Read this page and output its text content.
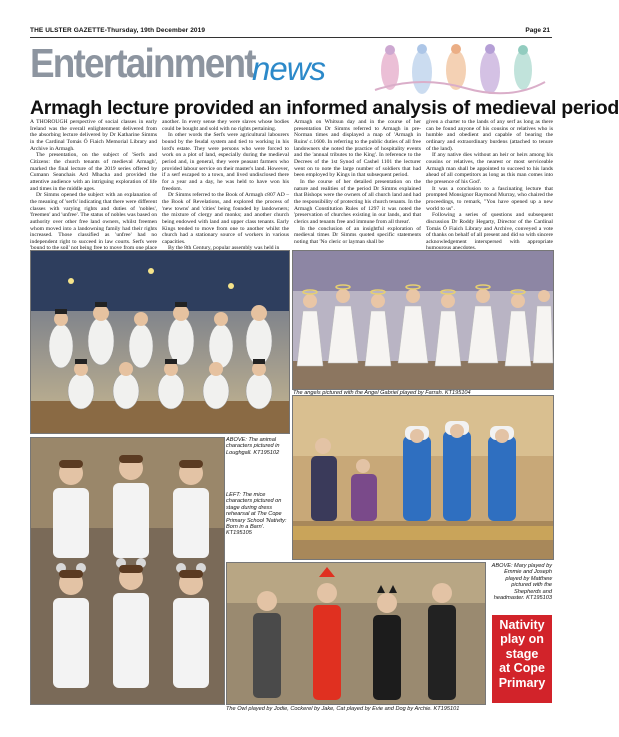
THE ULSTER GAZETTE-Thursday, 19th December 2019	Page 21
Entertainment
news
Armagh lecture provided an informed analysis of medieval period

A THOROUGH perspective of social classes in early Ireland was the overall enlightenment delivered from the absorbing lecture delivered by Dr Katharine Simms in the Cardinal Tomás Ó Fiaich Memorial Library and Archive in Armagh.

The presentation, on the subject of 'Serfs and Citizens: the church tenants of medieval Armagh', marked the final lecture of the 2019 series offered by Cumann Seanchais Ard Mhacha and provided the attentive audience with an intriguing exploration of life and times in the middle ages.

Dr Simms opened the subject with an explanation of the meaning of 'serfs' indicating that there were different classes with varying rights and duties of 'nobles', 'freemen' and 'unfree'. The status of nobles was based on authority over other free land owners, whilst freemen whom moved into a landowning family had their rights increased. Those classified as 'unfree' had no independent right to succeed in law courts. Serfs were 'bound to the soil' not being free to move from one place

another. In every sense they were slaves whose bodies could be bought and sold with no rights pertaining.

In other words the Serfs were agricultural labourers bound by the feudal system and tied to working in his lord's estate. They were persons who were forced to work on a plot of land, especially during the medieval period and, in general, they were peasant farmers who provided labour service on their master's land. However, if a serf escaped to a town, and lived undisclosed there for a year and a day, he was held to have won his freedom.

Dr Simms referred to the Book of Armagh c807 AD – the Book of Revelations, and explored the process of 'new towns' and 'cities' being founded by landowners; the mixture of clergy and monks; and another church being endowed with land and upper class tenants. Early Kings tended to move from one to another whilst the church had a stationary source of workers in various capacities.

By the 8th Century, popular assembly was held in

Armagh on Whitsun day and in the course of her presentation Dr Simms referred to Armagh in pre-Norman times and displayed a map of 'Armagh in Ruins' c.1600. In referring to the public duties of all free landowners she noted the practice of hospitality events and the 'annual tributes to the King'. In reference to the Decrees of the 1st Synod of Cashel 1101 the lecturer went on to note the large number of soldiers that had been employed by Kings in that subsequent period.

In the course of her detailed presentation on the nature and realities of the period Dr Simms explained that Bishops were the owners of all church land and had the responsibility of protecting his church tenants. In the Armagh Constitution Rules of 1297 it was noted the 'preservation of churches existing in our lands, and that clerics and tenants free and immune from all threat'.

In the conclusion of an insightful exploration of medieval times Dr Simms quoted specific statements noting that 'No cleric or layman shall be

given a charter to the lands of any serf as long as there can be found anyone of his cousins or relatives who is humble and obedient and capable of bearing the ordinary and extraordinary burdens (attached to tenure of the land).

If any native dies without an heir or heirs among his cousins or relatives, the nearest or most serviceable Armagh man shall be appointed to succeed to his lands ahead of all competitors as long as this man comes into the presence of his God'.

It was a conclusion to a fascinating lecture that prompted Monsignor Raymond Murray, who chaired the proceedings, to remark, "You have opened up a new world to us".

Following a series of questions and subsequent discussion Dr Roddy Hegarty, Director of the Cardinal Tomás Ó Fiaich Library and Archive, conveyed a vote of thanks on behalf of all present and did so with sincere acknowledgement interspersed with appropriate humourous anecdotes.

The angels pictured with the Angel Gabriel played by Farrah. KT195104
ABOVE: The animal characters pictured in Loughgall. KT195102
LEFT: The mice characters pictured on stage during dress rehearsal at The Cope Primary School 'Nativity: Born in a Barn'. KT195105
ABOVE: Mary played by Emmie and Joseph played by Matthew pictured with the Shepherds and headmaster. KT195103
The Owl played by Jodie, Cockerel by Jake, Cat played by Evie and Dog by Archie. KT195101
Nativity
play on
stage
at Cope
Primary
